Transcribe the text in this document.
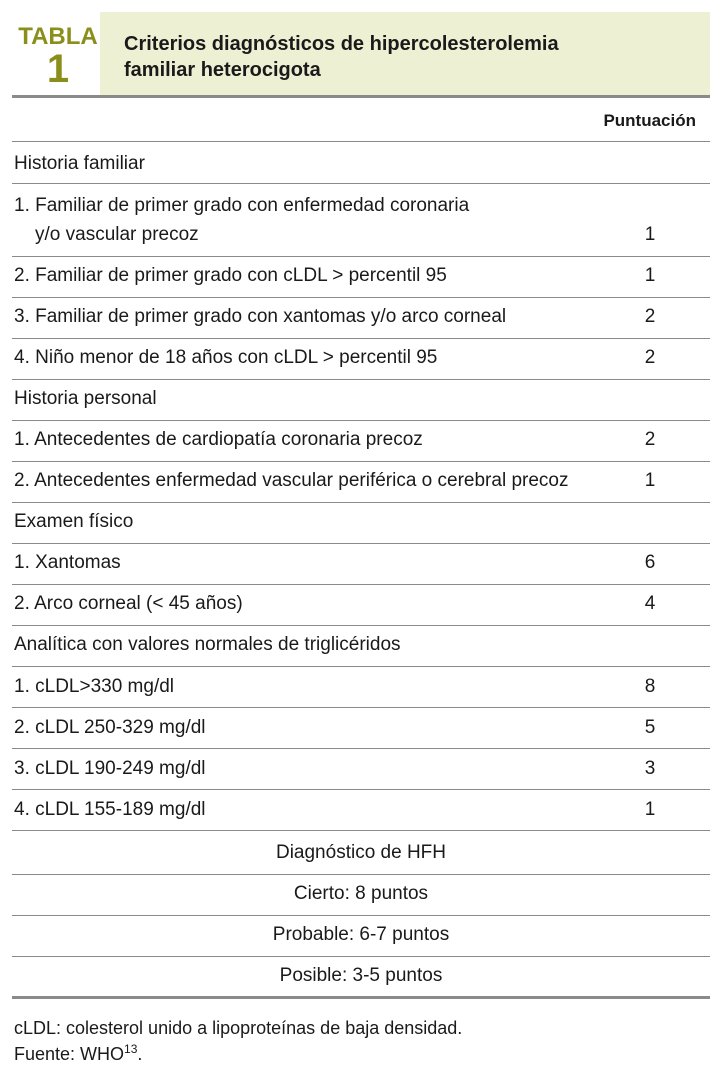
TABLA
1
Criterios diagnósticos de hipercolesterolemia
familiar heterocigota
Puntuación
Historia familiar
1. Familiar de primer grado con enfermedad coronaria
y/o vascular precoz	1
2. Familiar de primer grado con cLDL > percentil 95	1
3. Familiar de primer grado con xantomas y/o arco corneal	2
4. Niño menor de 18 años con cLDL > percentil 95	2
Historia personal
1. Antecedentes de cardiopatía coronaria precoz	2
2. Antecedentes enfermedad vascular periférica o cerebral precoz	1
Examen físico
1. Xantomas	6
2. Arco corneal (< 45 años)	4
Analítica con valores normales de triglicéridos
1. cLDL>330 mg/dl	8
2. cLDL 250-329 mg/dl	5
3. cLDL 190-249 mg/dl	3
4. cLDL 155-189 mg/dl	1
Diagnóstico de HFH
Cierto: 8 puntos
Probable: 6-7 puntos
Posible: 3-5 puntos
cLDL: colesterol unido a lipoproteínas de baja densidad.
Fuente: WHO$^{13}$.
